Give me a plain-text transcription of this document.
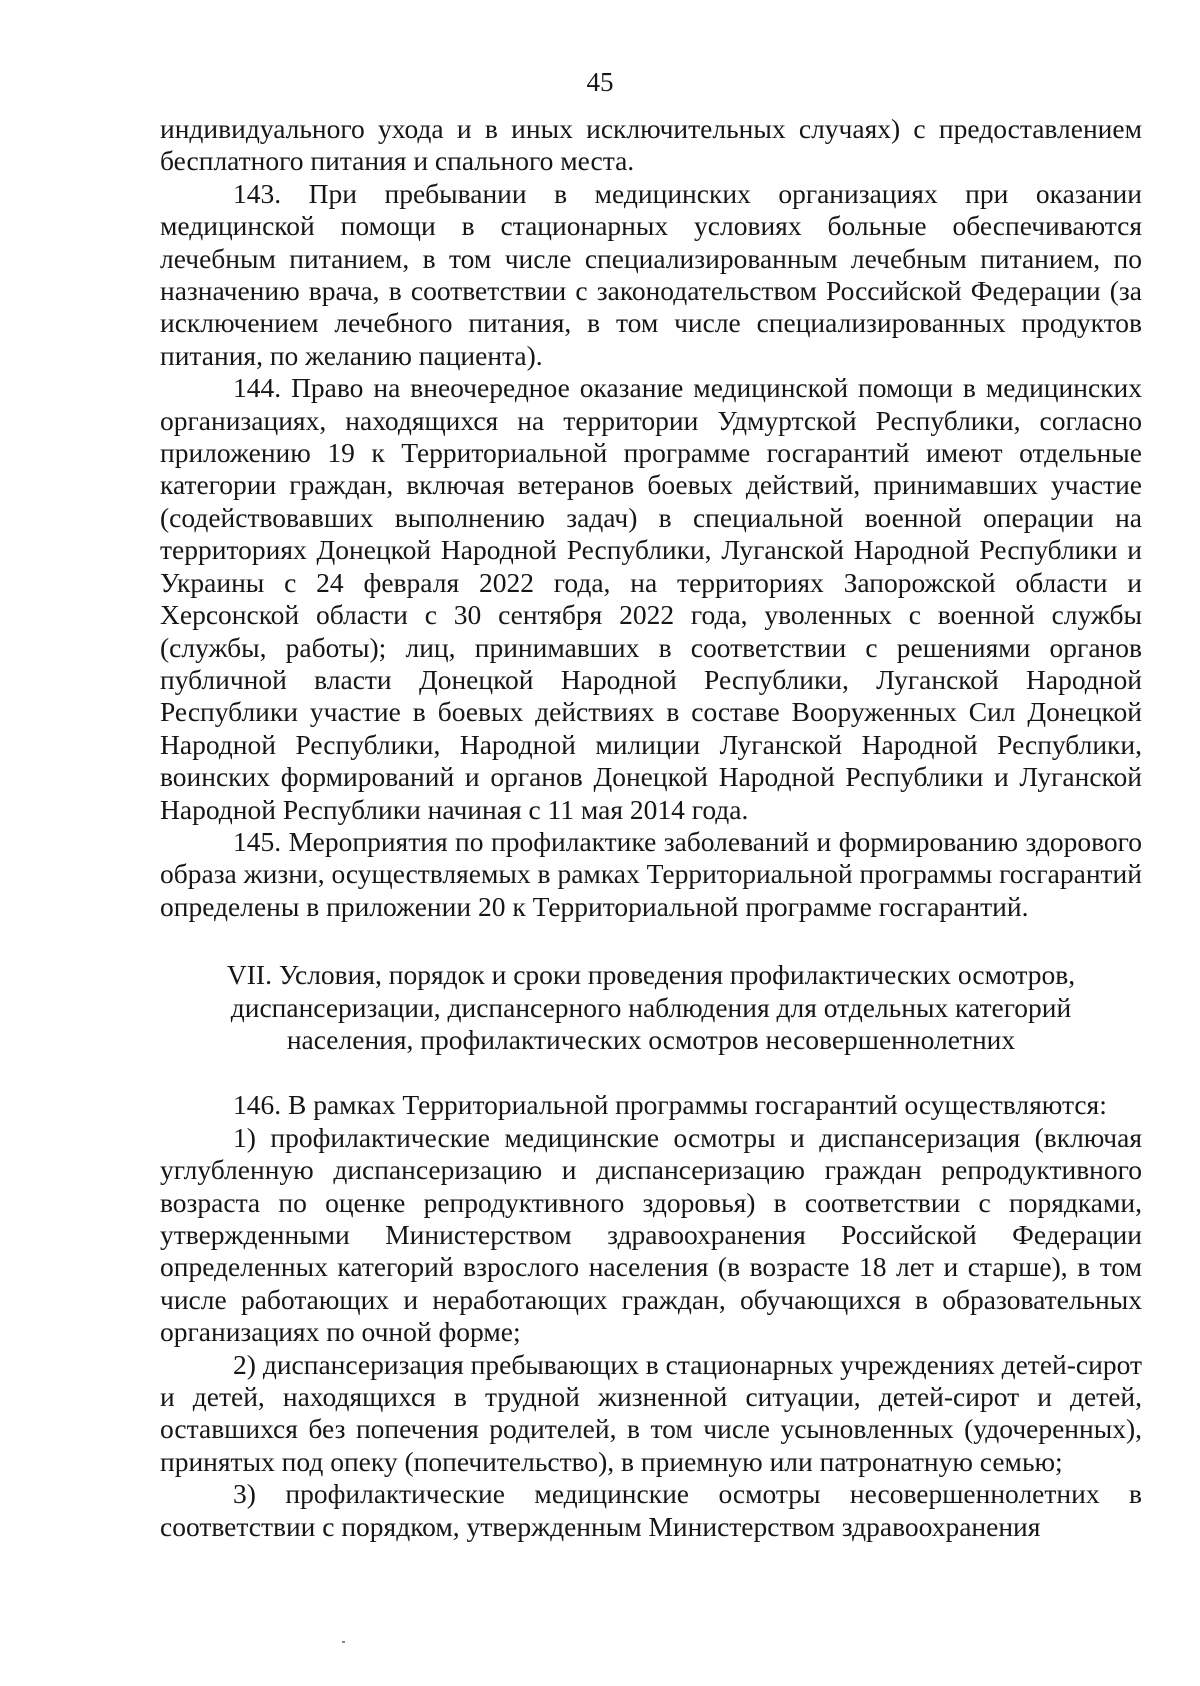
45

индивидуального ухода и в иных исключительных случаях) с предоставлением бесплатного питания и спального места.

143. При пребывании в медицинских организациях при оказании медицинской помощи в стационарных условиях больные обеспечиваются лечебным питанием, в том числе специализированным лечебным питанием, по назначению врача, в соответствии с законодательством Российской Федерации (за исключением лечебного питания, в том числе специализированных продуктов питания, по желанию пациента).

144. Право на внеочередное оказание медицинской помощи в медицинских организациях, находящихся на территории Удмуртской Республики, согласно приложению 19 к Территориальной программе госгарантий имеют отдельные категории граждан, включая ветеранов боевых действий, принимавших участие (содействовавших выполнению задач) в специальной военной операции на территориях Донецкой Народной Республики, Луганской Народной Республики и Украины с 24 февраля 2022 года, на территориях Запорожской области и Херсонской области с 30 сентября 2022 года, уволенных с военной службы (службы, работы); лиц, принимавших в соответствии с решениями органов публичной власти Донецкой Народной Республики, Луганской Народной Республики участие в боевых действиях в составе Вооруженных Сил Донецкой Народной Республики, Народной милиции Луганской Народной Республики, воинских формирований и органов Донецкой Народной Республики и Луганской Народной Республики начиная с 11 мая 2014 года.

145. Мероприятия по профилактике заболеваний и формированию здорового образа жизни, осуществляемых в рамках Территориальной программы госгарантий определены в приложении 20 к Территориальной программе госгарантий.

VII. Условия, порядок и сроки проведения профилактических осмотров, диспансеризации, диспансерного наблюдения для отдельных категорий населения, профилактических осмотров несовершеннолетних

146. В рамках Территориальной программы госгарантий осуществляются:

1) профилактические медицинские осмотры и диспансеризация (включая углубленную диспансеризацию и диспансеризацию граждан репродуктивного возраста по оценке репродуктивного здоровья) в соответствии с порядками, утвержденными Министерством здравоохранения Российской Федерации определенных категорий взрослого населения (в возрасте 18 лет и старше), в том числе работающих и неработающих граждан, обучающихся в образовательных организациях по очной форме;

2) диспансеризация пребывающих в стационарных учреждениях детей-сирот и детей, находящихся в трудной жизненной ситуации, детей-сирот и детей, оставшихся без попечения родителей, в том числе усыновленных (удочеренных), принятых под опеку (попечительство), в приемную или патронатную семью;

3) профилактические медицинские осмотры несовершеннолетних в соответствии с порядком, утвержденным Министерством здравоохранения
